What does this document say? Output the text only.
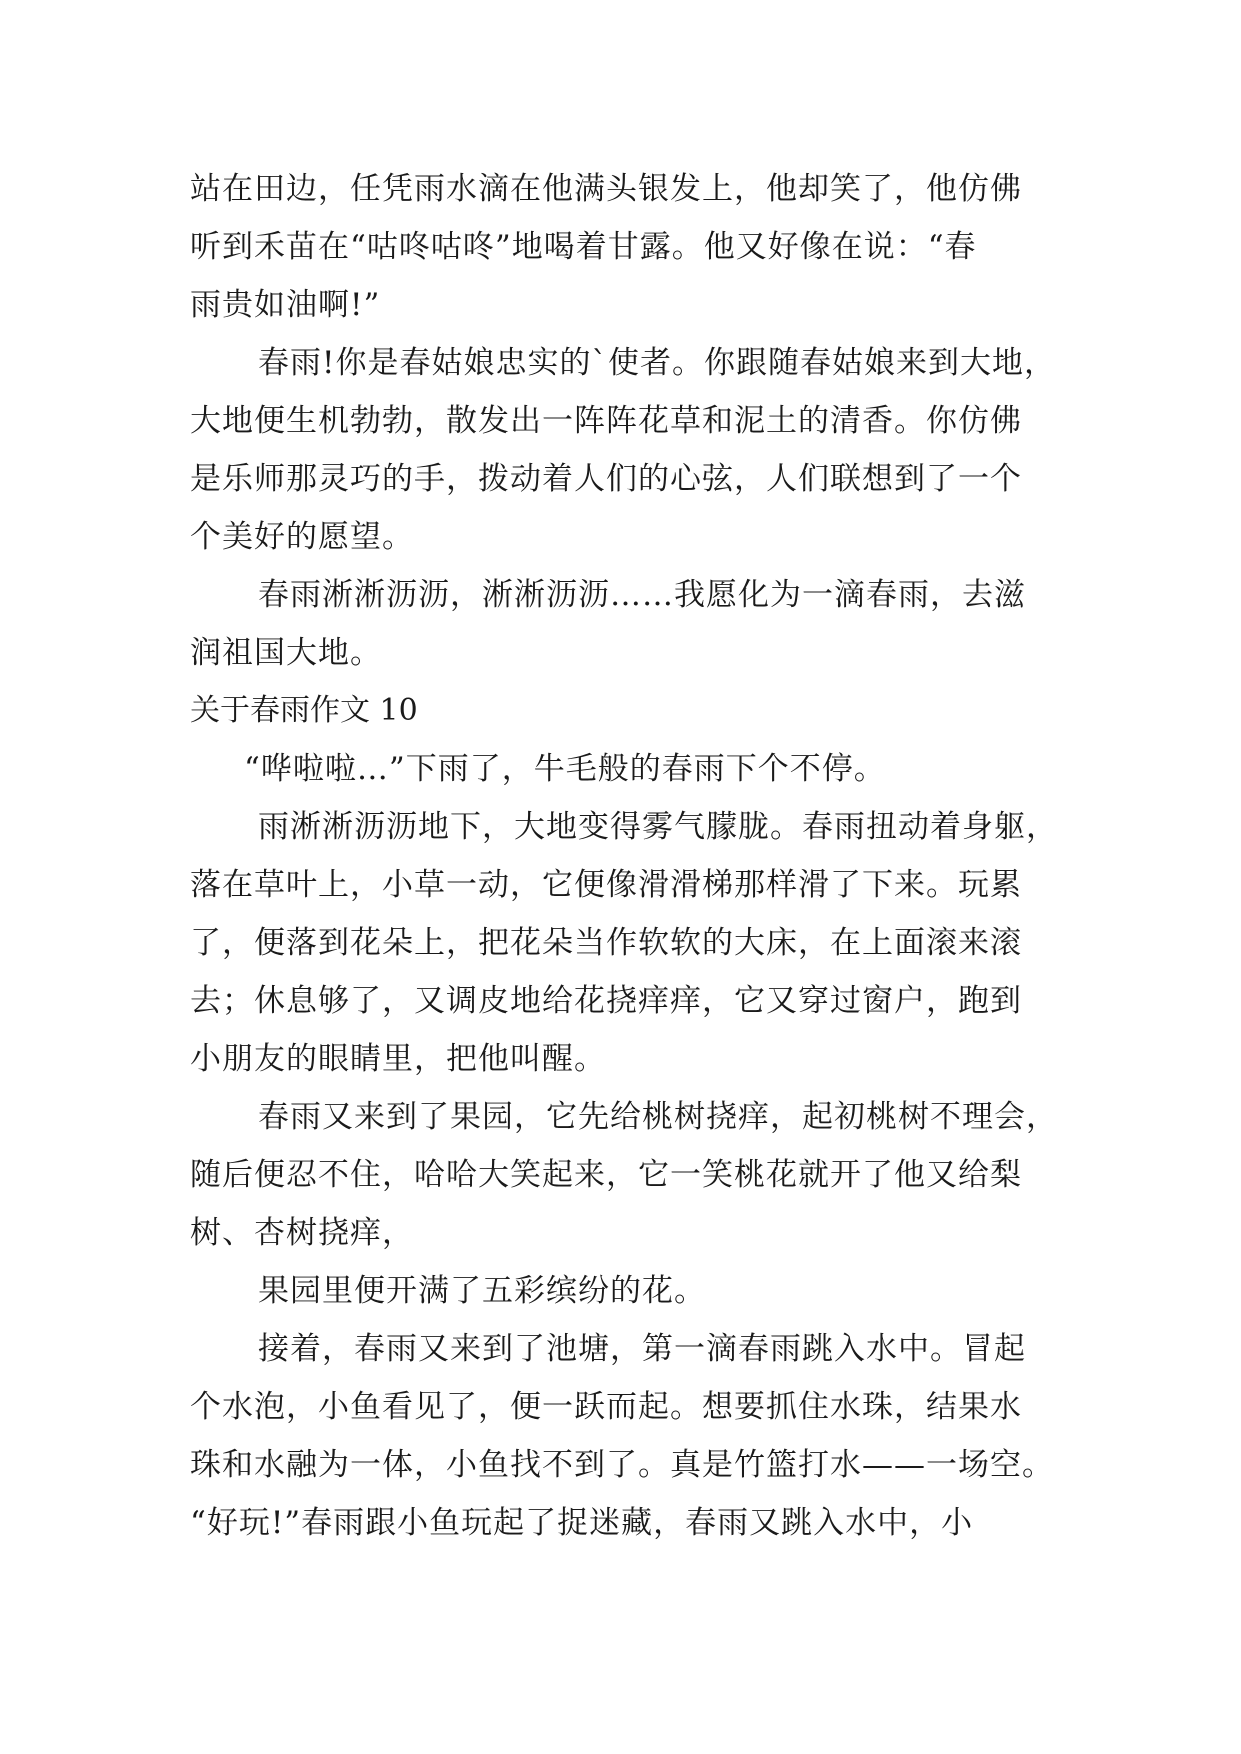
站在田边，任凭雨水滴在他满头银发上，他却笑了，他仿佛
听到禾苗在“咕咚咕咚”地喝着甘露。他又好像在说：“春
雨贵如油啊!”
春雨!你是春姑娘忠实的`使者。你跟随春姑娘来到大地，
大地便生机勃勃，散发出一阵阵花草和泥土的清香。你仿佛
是乐师那灵巧的手，拨动着人们的心弦，人们联想到了一个
个美好的愿望。
春雨淅淅沥沥，淅淅沥沥……我愿化为一滴春雨，去滋
润祖国大地。
关于春雨作文 10
“哗啦啦…”下雨了，牛毛般的春雨下个不停。
雨淅淅沥沥地下，大地变得雾气朦胧。春雨扭动着身躯，
落在草叶上，小草一动，它便像滑滑梯那样滑了下来。玩累
了，便落到花朵上，把花朵当作软软的大床，在上面滚来滚
去；休息够了，又调皮地给花挠痒痒，它又穿过窗户，跑到
小朋友的眼睛里，把他叫醒。
春雨又来到了果园，它先给桃树挠痒，起初桃树不理会，
随后便忍不住，哈哈大笑起来，它一笑桃花就开了他又给梨
树、杏树挠痒，
果园里便开满了五彩缤纷的花。
接着，春雨又来到了池塘，第一滴春雨跳入水中。冒起
个水泡，小鱼看见了，便一跃而起。想要抓住水珠，结果水
珠和水融为一体，小鱼找不到了。真是竹篮打水——一场空。
“好玩!”春雨跟小鱼玩起了捉迷藏，春雨又跳入水中，小
